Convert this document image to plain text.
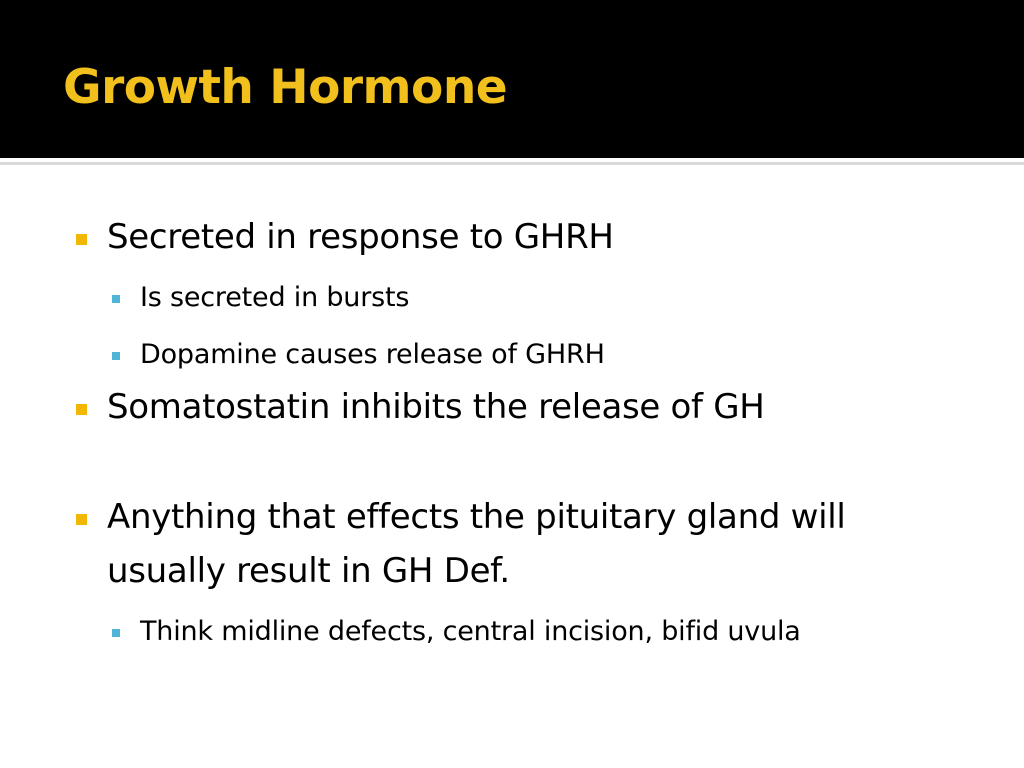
Growth Hormone
Secreted in response to GHRH
Is secreted in bursts
Dopamine causes release of GHRH
Somatostatin inhibits the release of GH
Anything that effects the pituitary gland will
usually result in GH Def.
Think midline defects, central incision, bifid uvula
